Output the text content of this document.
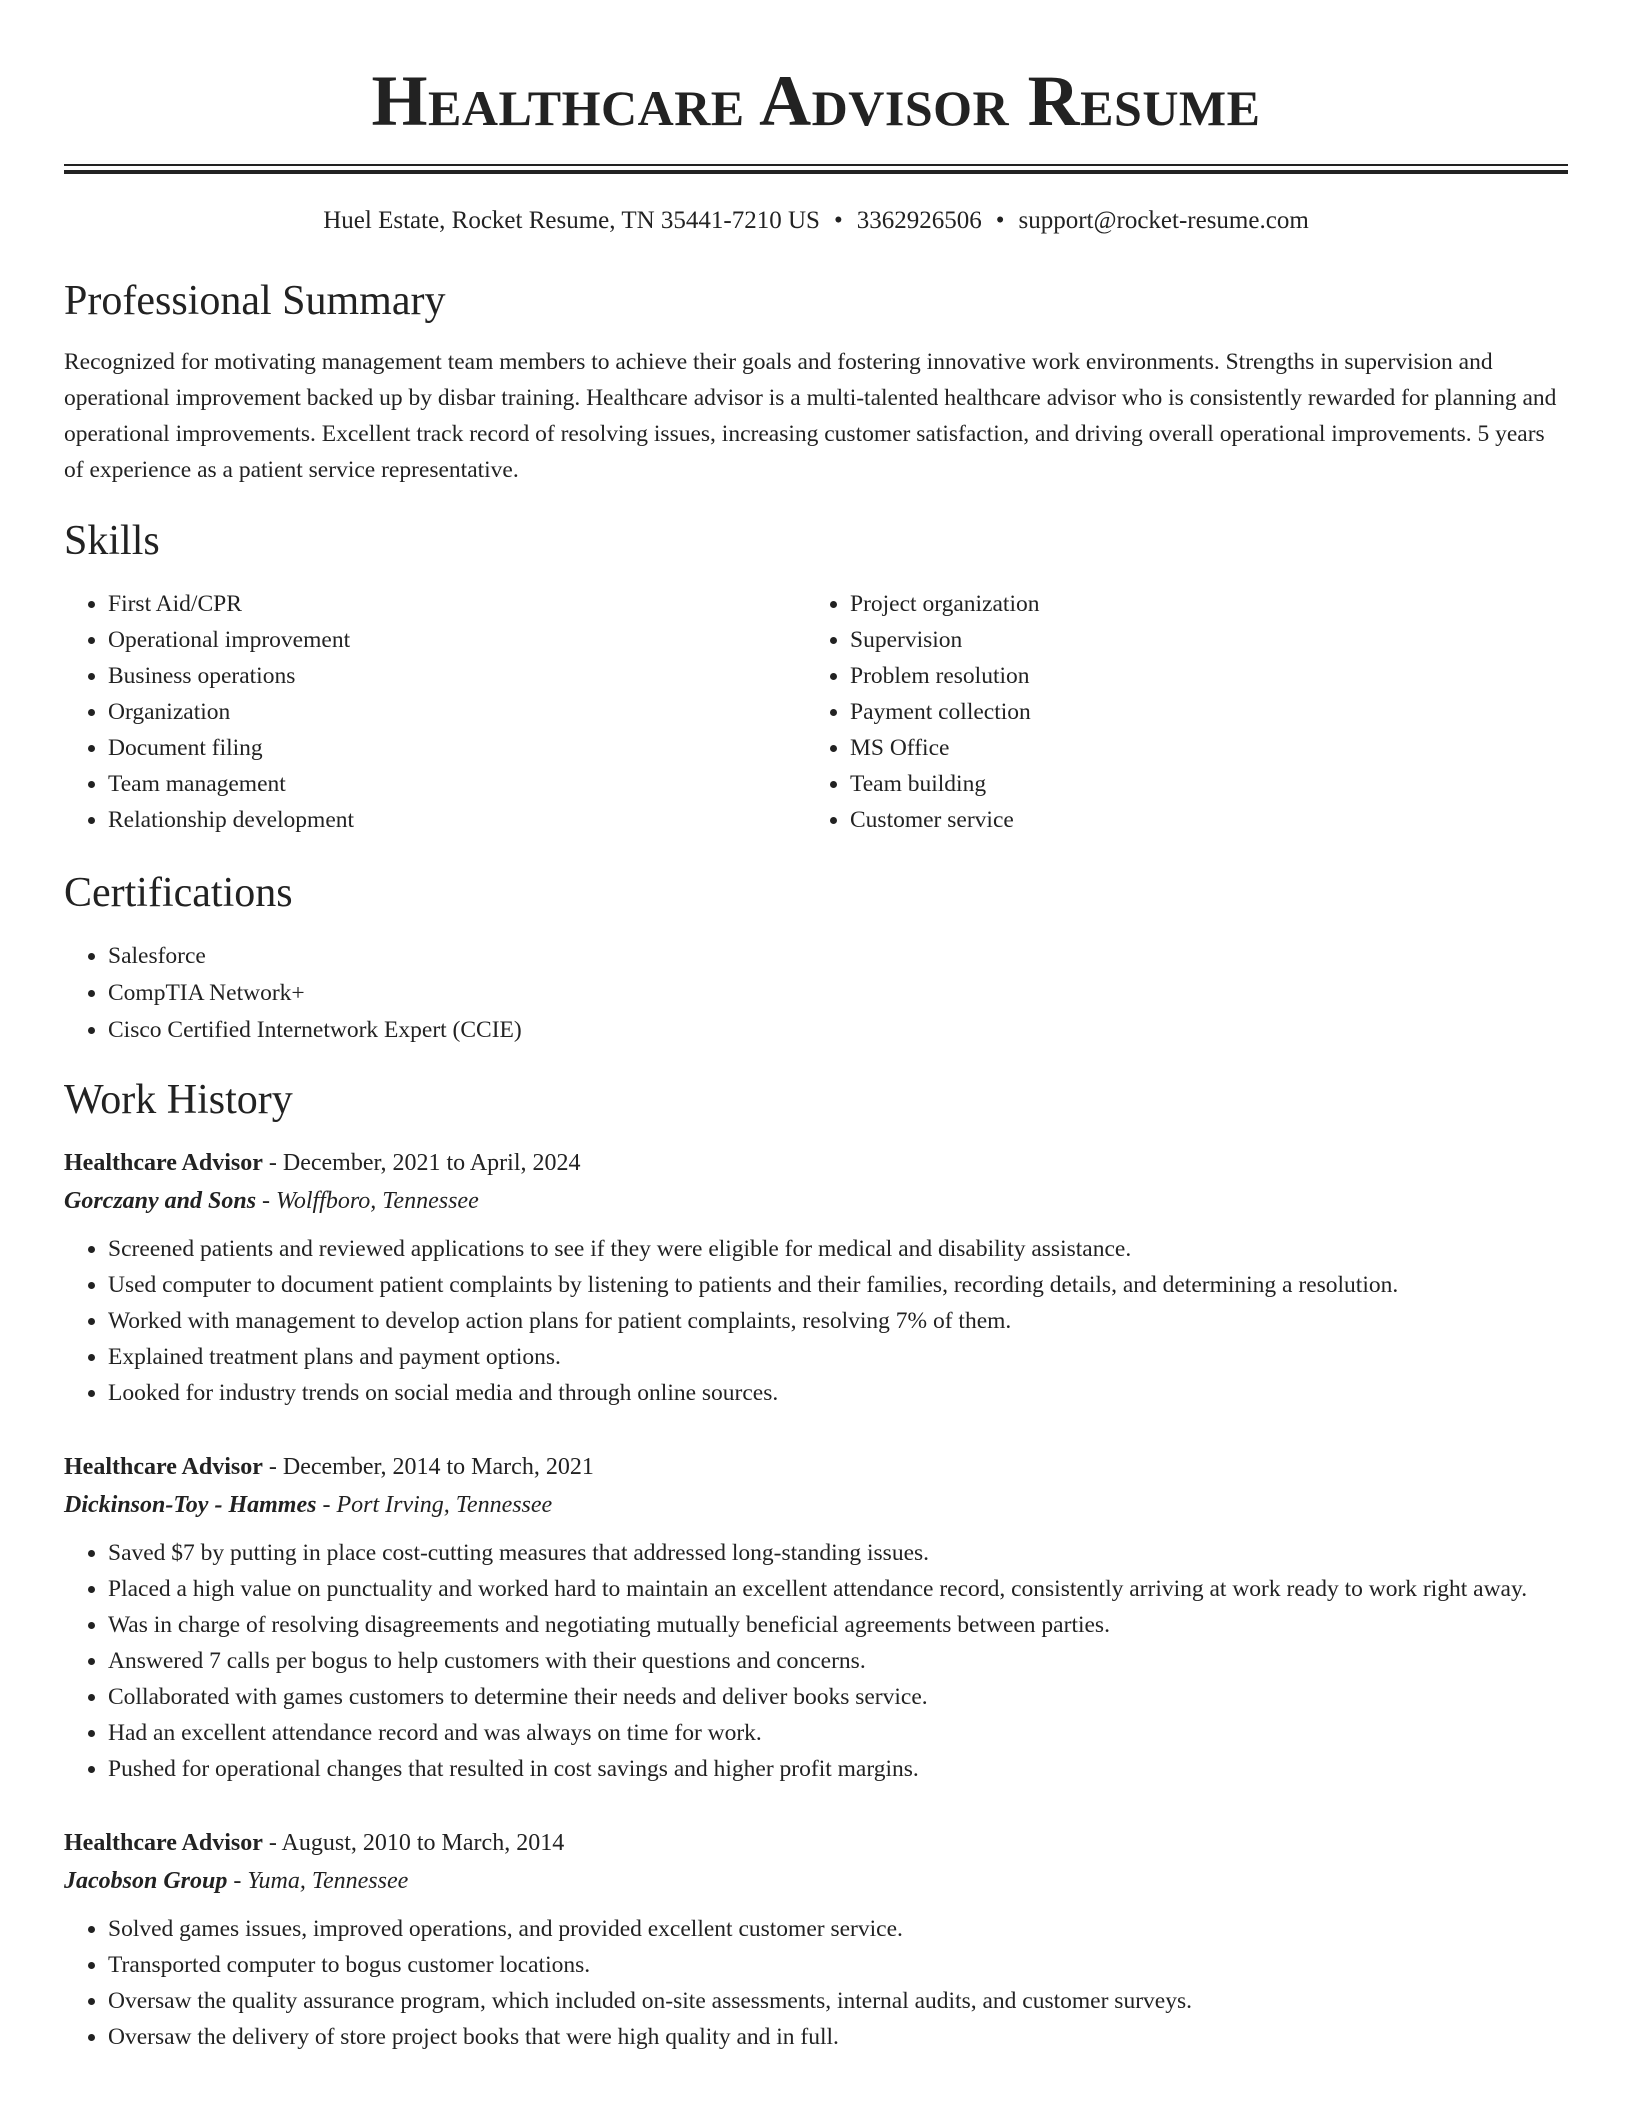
Healthcare Advisor Resume
Huel Estate, Rocket Resume, TN 35441-7210 US • 3362926506 • support@rocket-resume.com
Professional Summary

Recognized for motivating management team members to achieve their goals and fostering innovative work environments. Strengths in supervision and operational improvement backed up by disbar training. Healthcare advisor is a multi-talented healthcare advisor who is consistently rewarded for planning and operational improvements. Excellent track record of resolving issues, increasing customer satisfaction, and driving overall operational improvements. 5 years of experience as a patient service representative.

Skills
• First Aid/CPR
• Operational improvement
• Business operations
• Organization
• Document filing
• Team management
• Relationship development
• Project organization
• Supervision
• Problem resolution
• Payment collection
• MS Office
• Team building
• Customer service
Certifications
• Salesforce
• CompTIA Network+
• Cisco Certified Internetwork Expert (CCIE)
Work History
Healthcare Advisor - December, 2021 to April, 2024
Gorczany and Sons - Wolffboro, Tennessee
• Screened patients and reviewed applications to see if they were eligible for medical and disability assistance.
• Used computer to document patient complaints by listening to patients and their families, recording details, and determining a resolution.
• Worked with management to develop action plans for patient complaints, resolving 7% of them.
• Explained treatment plans and payment options.
• Looked for industry trends on social media and through online sources.
Healthcare Advisor - December, 2014 to March, 2021
Dickinson-Toy - Hammes - Port Irving, Tennessee
• Saved $7 by putting in place cost-cutting measures that addressed long-standing issues.
• Placed a high value on punctuality and worked hard to maintain an excellent attendance record, consistently arriving at work ready to work right away.
• Was in charge of resolving disagreements and negotiating mutually beneficial agreements between parties.
• Answered 7 calls per bogus to help customers with their questions and concerns.
• Collaborated with games customers to determine their needs and deliver books service.
• Had an excellent attendance record and was always on time for work.
• Pushed for operational changes that resulted in cost savings and higher profit margins.
Healthcare Advisor - August, 2010 to March, 2014
Jacobson Group - Yuma, Tennessee
• Solved games issues, improved operations, and provided excellent customer service.
• Transported computer to bogus customer locations.
• Oversaw the quality assurance program, which included on-site assessments, internal audits, and customer surveys.
• Oversaw the delivery of store project books that were high quality and in full.
